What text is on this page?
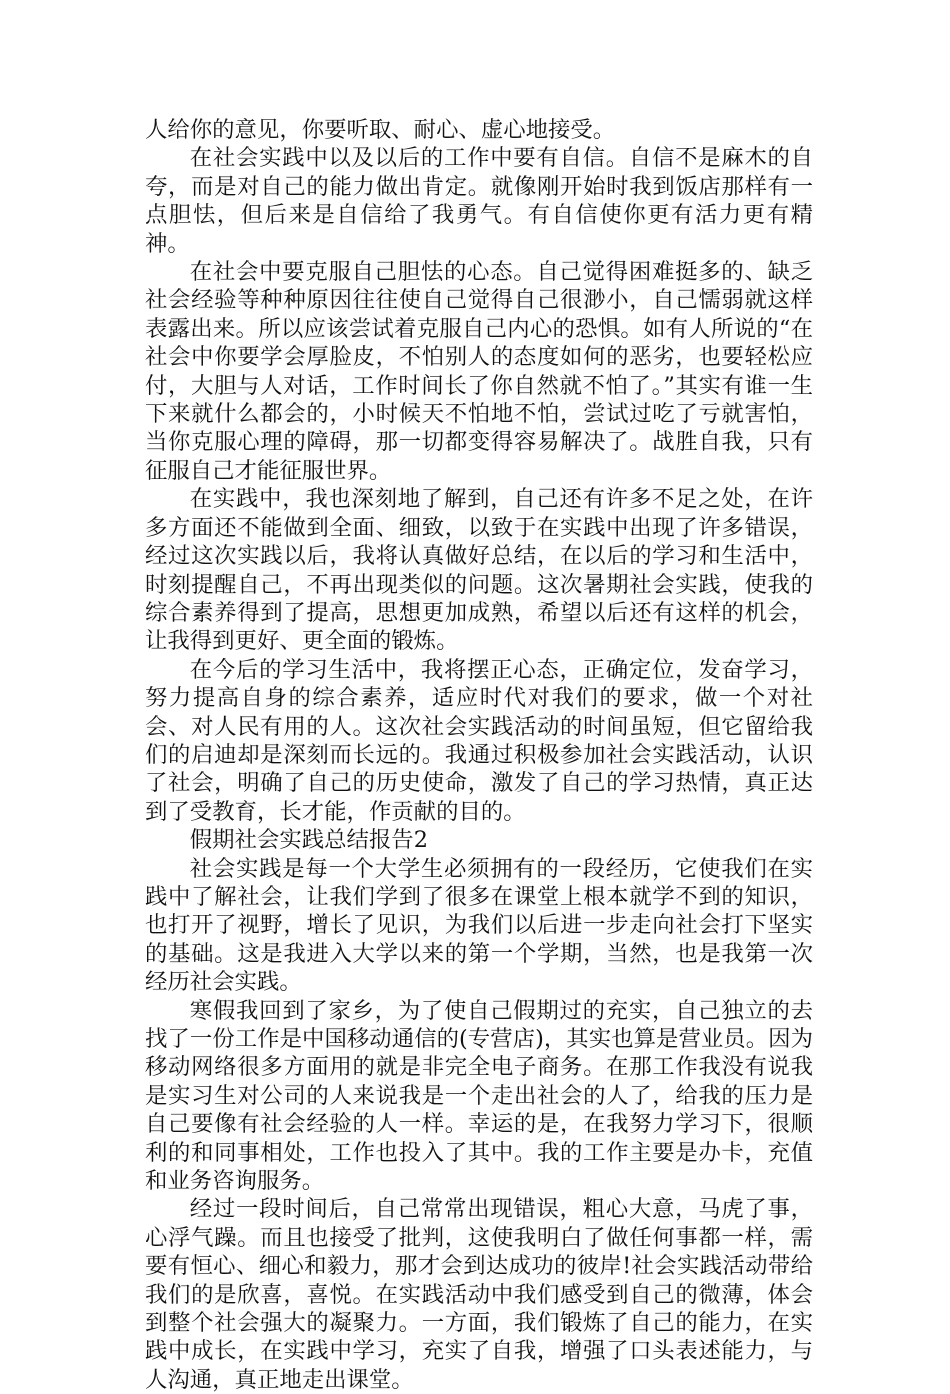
人给你的意见，你要听取、耐心、虚心地接受。

在社会实践中以及以后的工作中要有自信。自信不是麻木的自夸，而是对自己的能力做出肯定。就像刚开始时我到饭店那样有一点胆怯，但后来是自信给了我勇气。有自信使你更有活力更有精神。

在社会中要克服自己胆怯的心态。自己觉得困难挺多的、缺乏社会经验等种种原因往往使自己觉得自己很渺小，自己懦弱就这样表露出来。所以应该尝试着克服自己内心的恐惧。如有人所说的“在社会中你要学会厚脸皮，不怕别人的态度如何的恶劣，也要轻松应付，大胆与人对话，工作时间长了你自然就不怕了。”其实有谁一生下来就什么都会的，小时候天不怕地不怕，尝试过吃了亏就害怕，当你克服心理的障碍，那一切都变得容易解决了。战胜自我，只有征服自己才能征服世界。

在实践中，我也深刻地了解到，自己还有许多不足之处，在许多方面还不能做到全面、细致，以致于在实践中出现了许多错误，经过这次实践以后，我将认真做好总结，在以后的学习和生活中，时刻提醒自己，不再出现类似的问题。这次暑期社会实践，使我的综合素养得到了提高，思想更加成熟，希望以后还有这样的机会，让我得到更好、更全面的锻炼。

在今后的学习生活中，我将摆正心态，正确定位，发奋学习，努力提高自身的综合素养，适应时代对我们的要求，做一个对社会、对人民有用的人。这次社会实践活动的时间虽短，但它留给我们的启迪却是深刻而长远的。我通过积极参加社会实践活动，认识了社会，明确了自己的历史使命，激发了自己的学习热情，真正达到了受教育，长才能，作贡献的目的。

假期社会实践总结报告2

社会实践是每一个大学生必须拥有的一段经历，它使我们在实践中了解社会，让我们学到了很多在课堂上根本就学不到的知识，也打开了视野，增长了见识，为我们以后进一步走向社会打下坚实的基础。这是我进入大学以来的第一个学期，当然，也是我第一次经历社会实践。

寒假我回到了家乡，为了使自己假期过的充实，自己独立的去找了一份工作是中国移动通信的(专营店)，其实也算是营业员。因为移动网络很多方面用的就是非完全电子商务。在那工作我没有说我是实习生对公司的人来说我是一个走出社会的人了，给我的压力是自己要像有社会经验的人一样。幸运的是，在我努力学习下，很顺利的和同事相处，工作也投入了其中。我的工作主要是办卡，充值和业务咨询服务。

经过一段时间后，自己常常出现错误，粗心大意，马虎了事，心浮气躁。而且也接受了批判，这使我明白了做任何事都一样，需要有恒心、细心和毅力，那才会到达成功的彼岸!社会实践活动带给我们的是欣喜，喜悦。在实践活动中我们感受到自己的微薄，体会到整个社会强大的凝聚力。一方面，我们锻炼了自己的能力，在实践中成长，在实践中学习，充实了自我，增强了口头表述能力，与人沟通，真正地走出课堂。
